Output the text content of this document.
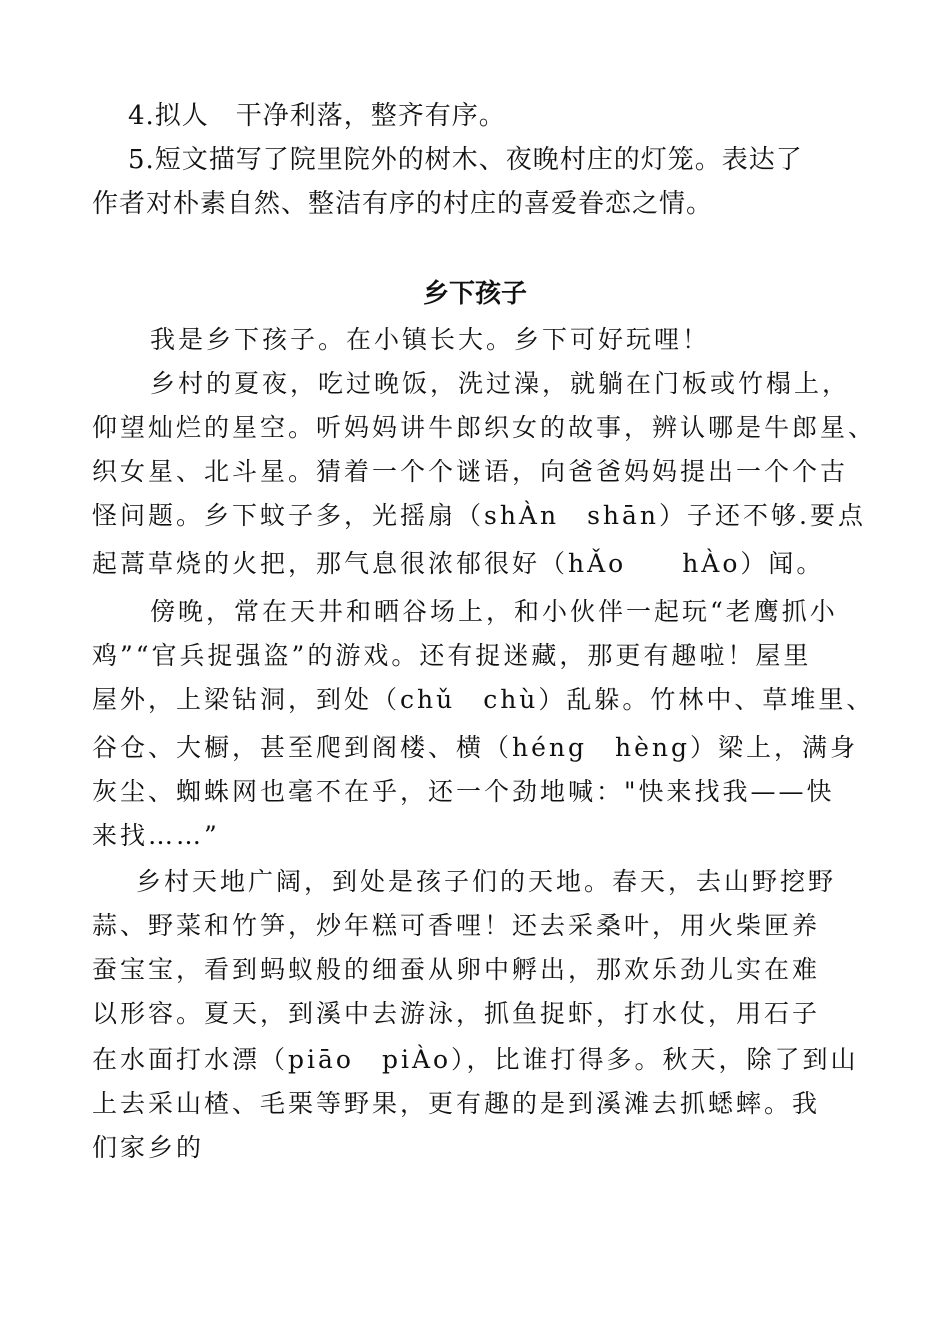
4.拟人　干净利落，整齐有序。
5.短文描写了院里院外的树木、夜晚村庄的灯笼。表达了
作者对朴素自然、整洁有序的村庄的喜爱眷恋之情。
乡下孩子
我是乡下孩子。在小镇长大。乡下可好玩哩！
乡村的夏夜，吃过晚饭，洗过澡，就躺在门板或竹榻上，
仰望灿烂的星空。听妈妈讲牛郎织女的故事，辨认哪是牛郎星、
织女星、北斗星。猜着一个个谜语，向爸爸妈妈提出一个个古
怪问题。乡下蚊子多，光摇扇（shÀn　shān）子还不够.要点
起蒿草烧的火把，那气息很浓郁很好（hǍo　　hÀo）闻。
傍晚，常在天井和晒谷场上，和小伙伴一起玩“老鹰抓小
鸡”“官兵捉强盗”的游戏。还有捉迷藏，那更有趣啦！屋里
屋外，上梁钻洞，到处（chǔ　chù）乱躲。竹林中、草堆里、
谷仓、大橱，甚至爬到阁楼、横（héng　hèng）梁上，满身
灰尘、蜘蛛网也毫不在乎，还一个劲地喊："快来找我——快
来找……”
乡村天地广阔，到处是孩子们的天地。春天，去山野挖野
蒜、野菜和竹笋，炒年糕可香哩！还去采桑叶，用火柴匣养
蚕宝宝，看到蚂蚁般的细蚕从卵中孵出，那欢乐劲儿实在难
以形容。夏天，到溪中去游泳，抓鱼捉虾，打水仗，用石子
在水面打水漂（piāo　piÀo），比谁打得多。秋天，除了到山
上去采山楂、毛栗等野果，更有趣的是到溪滩去抓蟋蟀。我
们家乡的
